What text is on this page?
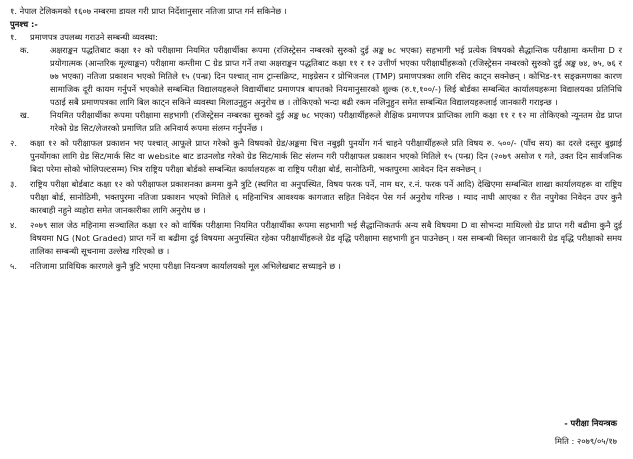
१. नेपाल टेलिकमको १६०७ नम्बरमा डायल गरी प्राप्त निर्देशानुसार नतिजा प्राप्त गर्न सकिनेछ ।
पुनश्च :-
१.	प्रमाणपत्र उपलब्ध गराउने सम्बन्धी व्यवस्था:
क.	अक्षराङ्कन पद्धतिबाट कक्षा १२ को परीक्षामा नियमित परीक्षार्थीका रूपमा (रजिस्ट्रेसन नम्बरको सुरुको दुई अङ्क ७८ भएका) सहभागी भई प्रत्येक विषयको सैद्धान्तिक परीक्षामा कम्तीमा D र प्रयोगात्मक (आन्तरिक मूल्याङ्कन) परीक्षामा कम्तीमा C ग्रेड प्राप्त गर्ने तथा अक्षराङ्कन पद्धतिबाट कक्षा ११ र १२ उत्तीर्ण भएका परीक्षार्थीहरूको (रजिस्ट्रेसन नम्बरको सुरुको दुई अङ्क ७४, ७५, ७६ र ७७ भएका) नतिजा प्रकाशन भएको मितिले १५ (पन्ध्र) दिन पश्चात् नाम ट्रान्सक्रिप्ट, माइग्रेसन र प्रोभिजनल (TMP) प्रमाणपत्रका लागि रसिद काट्न सक्नेछन् । कोभिड-१९ सङ्क्रमणका कारण सामाजिक दूरी कायम गर्नुपर्ने भएकोले सम्बन्धित विद्यालयहरूले विद्यार्थीबाट प्रमाणपत्र बापतको नियमानुसारको शुल्क (रु.१,१००/-) लिई बोर्डका सम्बन्धित कार्यालयहरूमा विद्यालयका प्रतिनिधि पठाई सबै प्रमाणपत्रका लागि बिल काट्न सकिने व्यवस्था मिलाउनुहुन अनुरोध छ । तोकिएको भन्दा बढी रकम नलिनुहुन समेत सम्बन्धित विद्यालयहरूलाई जानकारी गराइन्छ ।
ख.	नियमित परीक्षार्थीका रूपमा परीक्षामा सहभागी (रजिस्ट्रेसन नम्बरका सुरुको दुई अङ्क ७८ भएका) परीक्षार्थीहरूले शैक्षिक प्रमाणपत्र प्राप्तिका लागि कक्षा ११ र १२ मा तोकिएको न्यूनतम ग्रेड प्राप्त गरेको ग्रेड सिट/लेजरको प्रमाणित प्रति अनिवार्य रूपमा संलग्न गर्नुपर्नेछ ।
२.	कक्षा १२ को परीक्षाफल प्रकाशन भए पश्चात् आफूले प्राप्त गरेको कुनै विषयको ग्रेड/अङ्कमा चित्त नबुझी पुनर्योग गर्न चाहने परीक्षार्थीहरूले प्रति विषय रु. ५००/- (पाँच सय) का दरले दस्तुर बुझाई पुनर्योगका लागि ग्रेड सिट/मार्क सिट वा website बाट डाउनलोड गरेको ग्रेड सिट/मार्क सिट संलग्न गरी परीक्षाफल प्रकाशन भएको मितिले १५ (पन्ध्र) दिन (२०७९ असोज १ गते, उक्त दिन सार्वजनिक बिदा परेमा सोको भोलिपल्टसम्म) भित्र राष्ट्रिय परीक्षा बोर्डको सम्बन्धित कार्यालयहरू वा राष्ट्रिय परीक्षा बोर्ड, सानोठिमी, भक्तपुरमा आवेदन दिन सक्नेछन् ।
३.	राष्ट्रिय परीक्षा बोर्डबाट कक्षा १२ को परीक्षाफल प्रकाशनका क्रममा कुनै त्रुटि (स्थगित वा अनुपस्थित, विषय फरक पर्ने, नाम थर, र.नं. फरक पर्ने आदि) देखिएमा सम्बन्धित शाखा कार्यालयहरू वा राष्ट्रिय परीक्षा बोर्ड, सानोठिमी, भक्तपुरमा नतिजा प्रकाशन भएको मितिले ६ महिनाभित्र आवश्यक कागजात सहित निवेदन पेस गर्न अनुरोध गरिन्छ । म्याद नाघी आएका र रीत नपुगेका निवेदन उपर कुनै कारबाही नहुने व्यहोरा समेत जानकारीका लागि अनुरोध छ ।
४.	२०७९ साल जेठ महिनामा सञ्चालित कक्षा १२ को वार्षिक परीक्षामा नियमित परीक्षार्थीका रूपमा सहभागी भई सैद्धान्तिकतर्फ अन्य सबै विषयमा D वा सोभन्दा माथिल्लो ग्रेड प्राप्त गरी बढीमा कुनै दुई विषयमा NG (Not Graded) प्राप्त गर्ने वा बढीमा दुई विषयमा अनुपस्थित रहेका परीक्षार्थीहरूले ग्रेड वृद्धि परीक्षामा सहभागी हुन पाउनेछन् । यस सम्बन्धी विस्तृत जानकारी ग्रेड वृद्धि परीक्षाको समय तालिका सम्बन्धी सूचनामा उल्लेख गरिएको छ ।
५.	नतिजामा प्राविधिक कारणले कुनै त्रुटि भएमा परीक्षा नियन्त्रण कार्यालयको मूल अभिलेखबाट सच्याइने छ ।
- परीक्षा नियन्त्रक
मिति : २०७९/०५/१७
